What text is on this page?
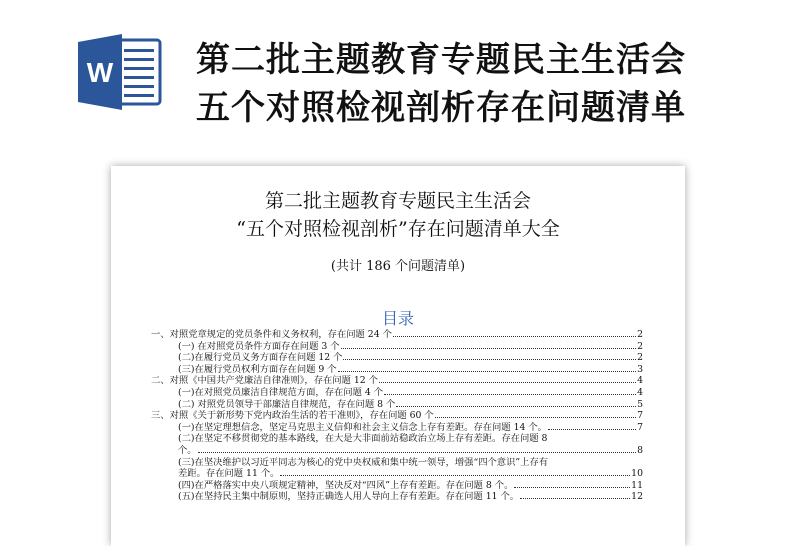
W 第二批主题教育专题民主生活会
五个对照检视剖析存在问题清单
第二批主题教育专题民主生活会
“五个对照检视剖析”存在问题清单大全
(共计 186 个问题清单)
目录
一、对照党章规定的党员条件和义务权利，存在问题 24 个	2
(一) 在对照党员条件方面存在问题 3 个	2
(二)在履行党员义务方面存在问题 12 个	2
(三)在履行党员权利方面存在问题 9 个	3
二、对照《中国共产党廉洁自律准则》，存在问题 12 个	4
(一)在对照党员廉洁自律规范方面，存在问题 4 个	4
(二) 对照党员领导干部廉洁自律规范，存在问题 8 个	5
三、对照《关于新形势下党内政治生活的若干准则》，存在问题 60 个	7
(一)在坚定理想信念，坚定马克思主义信仰和社会主义信念上存有差距。存在问题 14 个。	7
(二)在坚定不移贯彻党的基本路线，在大是大非面前站稳政治立场上存有差距。存在问题 8
个。	8
(三)在坚决维护以习近平同志为核心的党中央权威和集中统一领导，增强“四个意识”上存有
差距。存在问题 11 个。	10
(四)在严格落实中央八项规定精神，坚决反对“四风”上存有差距。存在问题 8 个。	11
(五)在坚持民主集中制原则，坚持正确选人用人导向上存有差距。存在问题 11 个。	12
